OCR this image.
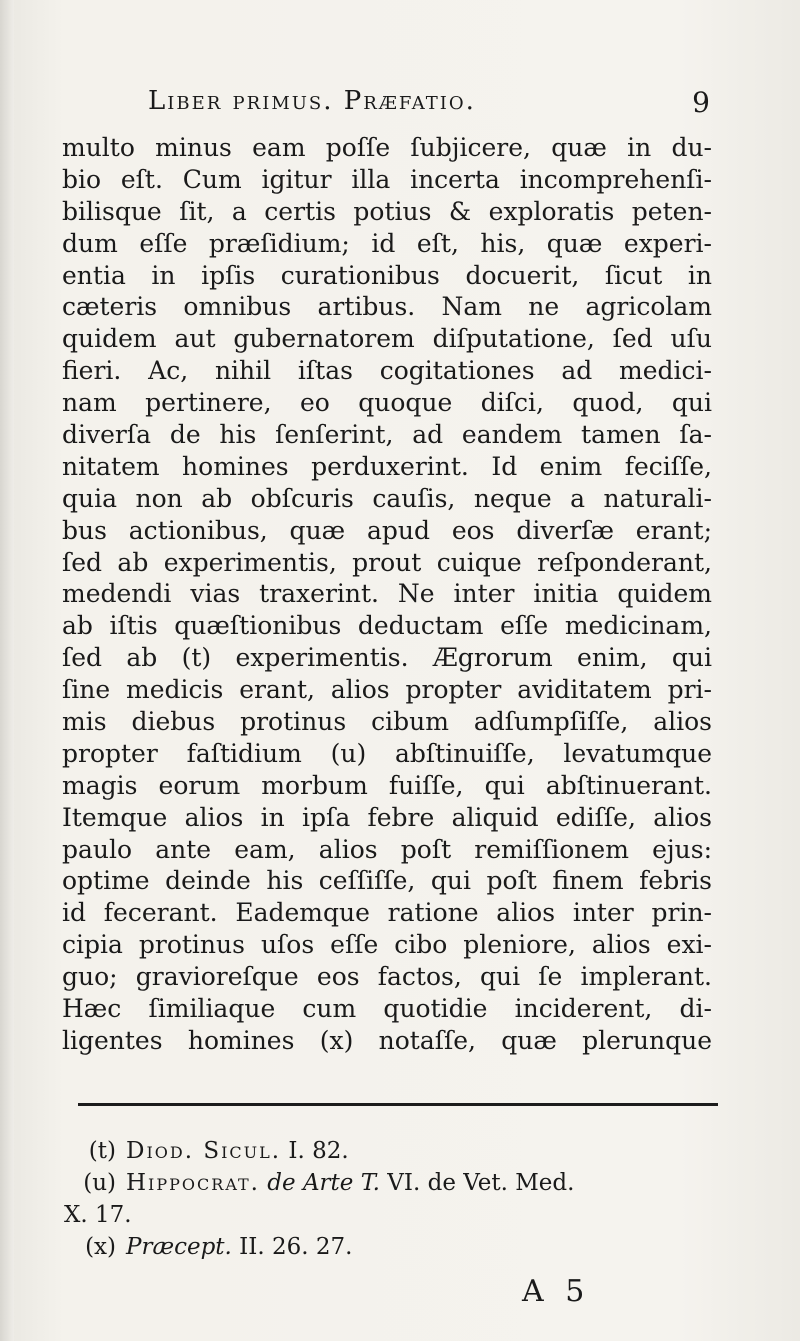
Liber primus. Præfatio.	9
multo minus eam poſſe ſubjicere, quæ in du-
bio eſt. Cum igitur illa incerta incomprehenſi-
bilisque ſit, a certis potius & exploratis peten-
dum eſſe præſidium; id eſt, his, quæ experi-
entia in ipſis curationibus docuerit, ſicut in
cæteris omnibus artibus. Nam ne agricolam
quidem aut gubernatorem diſputatione, ſed uſu
fieri. Ac, nihil iſtas cogitationes ad medici-
nam pertinere, eo quoque diſci, quod, qui
diverſa de his ſenſerint, ad eandem tamen ſa-
nitatem homines perduxerint. Id enim feciſſe,
quia non ab obſcuris cauſis, neque a naturali-
bus actionibus, quæ apud eos diverſæ erant;
ſed ab experimentis, prout cuique reſponderant,
medendi vias traxerint. Ne inter initia quidem
ab iſtis quæſtionibus deductam eſſe medicinam,
ſed ab (t) experimentis. Ægrorum enim, qui
ſine medicis erant, alios propter aviditatem pri-
mis diebus protinus cibum adſumpſiſſe, alios
propter faſtidium (u) abſtinuiſſe, levatumque
magis eorum morbum fuiſſe, qui abſtinuerant.
Itemque alios in ipſa febre aliquid ediſſe, alios
paulo ante eam, alios poſt remiſſionem ejus:
optime deinde his ceſſiſſe, qui poſt finem febris
id fecerant. Eademque ratione alios inter prin-
cipia protinus uſos eſſe cibo pleniore, alios exi-
guo; gravioreſque eos factos, qui ſe implerant.
Hæc ſimiliaque cum quotidie inciderent, di-
ligentes homines (x) notaſſe, quæ plerunque
(t) Diod. Sicul. I. 82.
(u) Hippocrat. de Arte T. VI. de Vet. Med.
X. 17.
(x) Præcept. II. 26. 27.
A 5
